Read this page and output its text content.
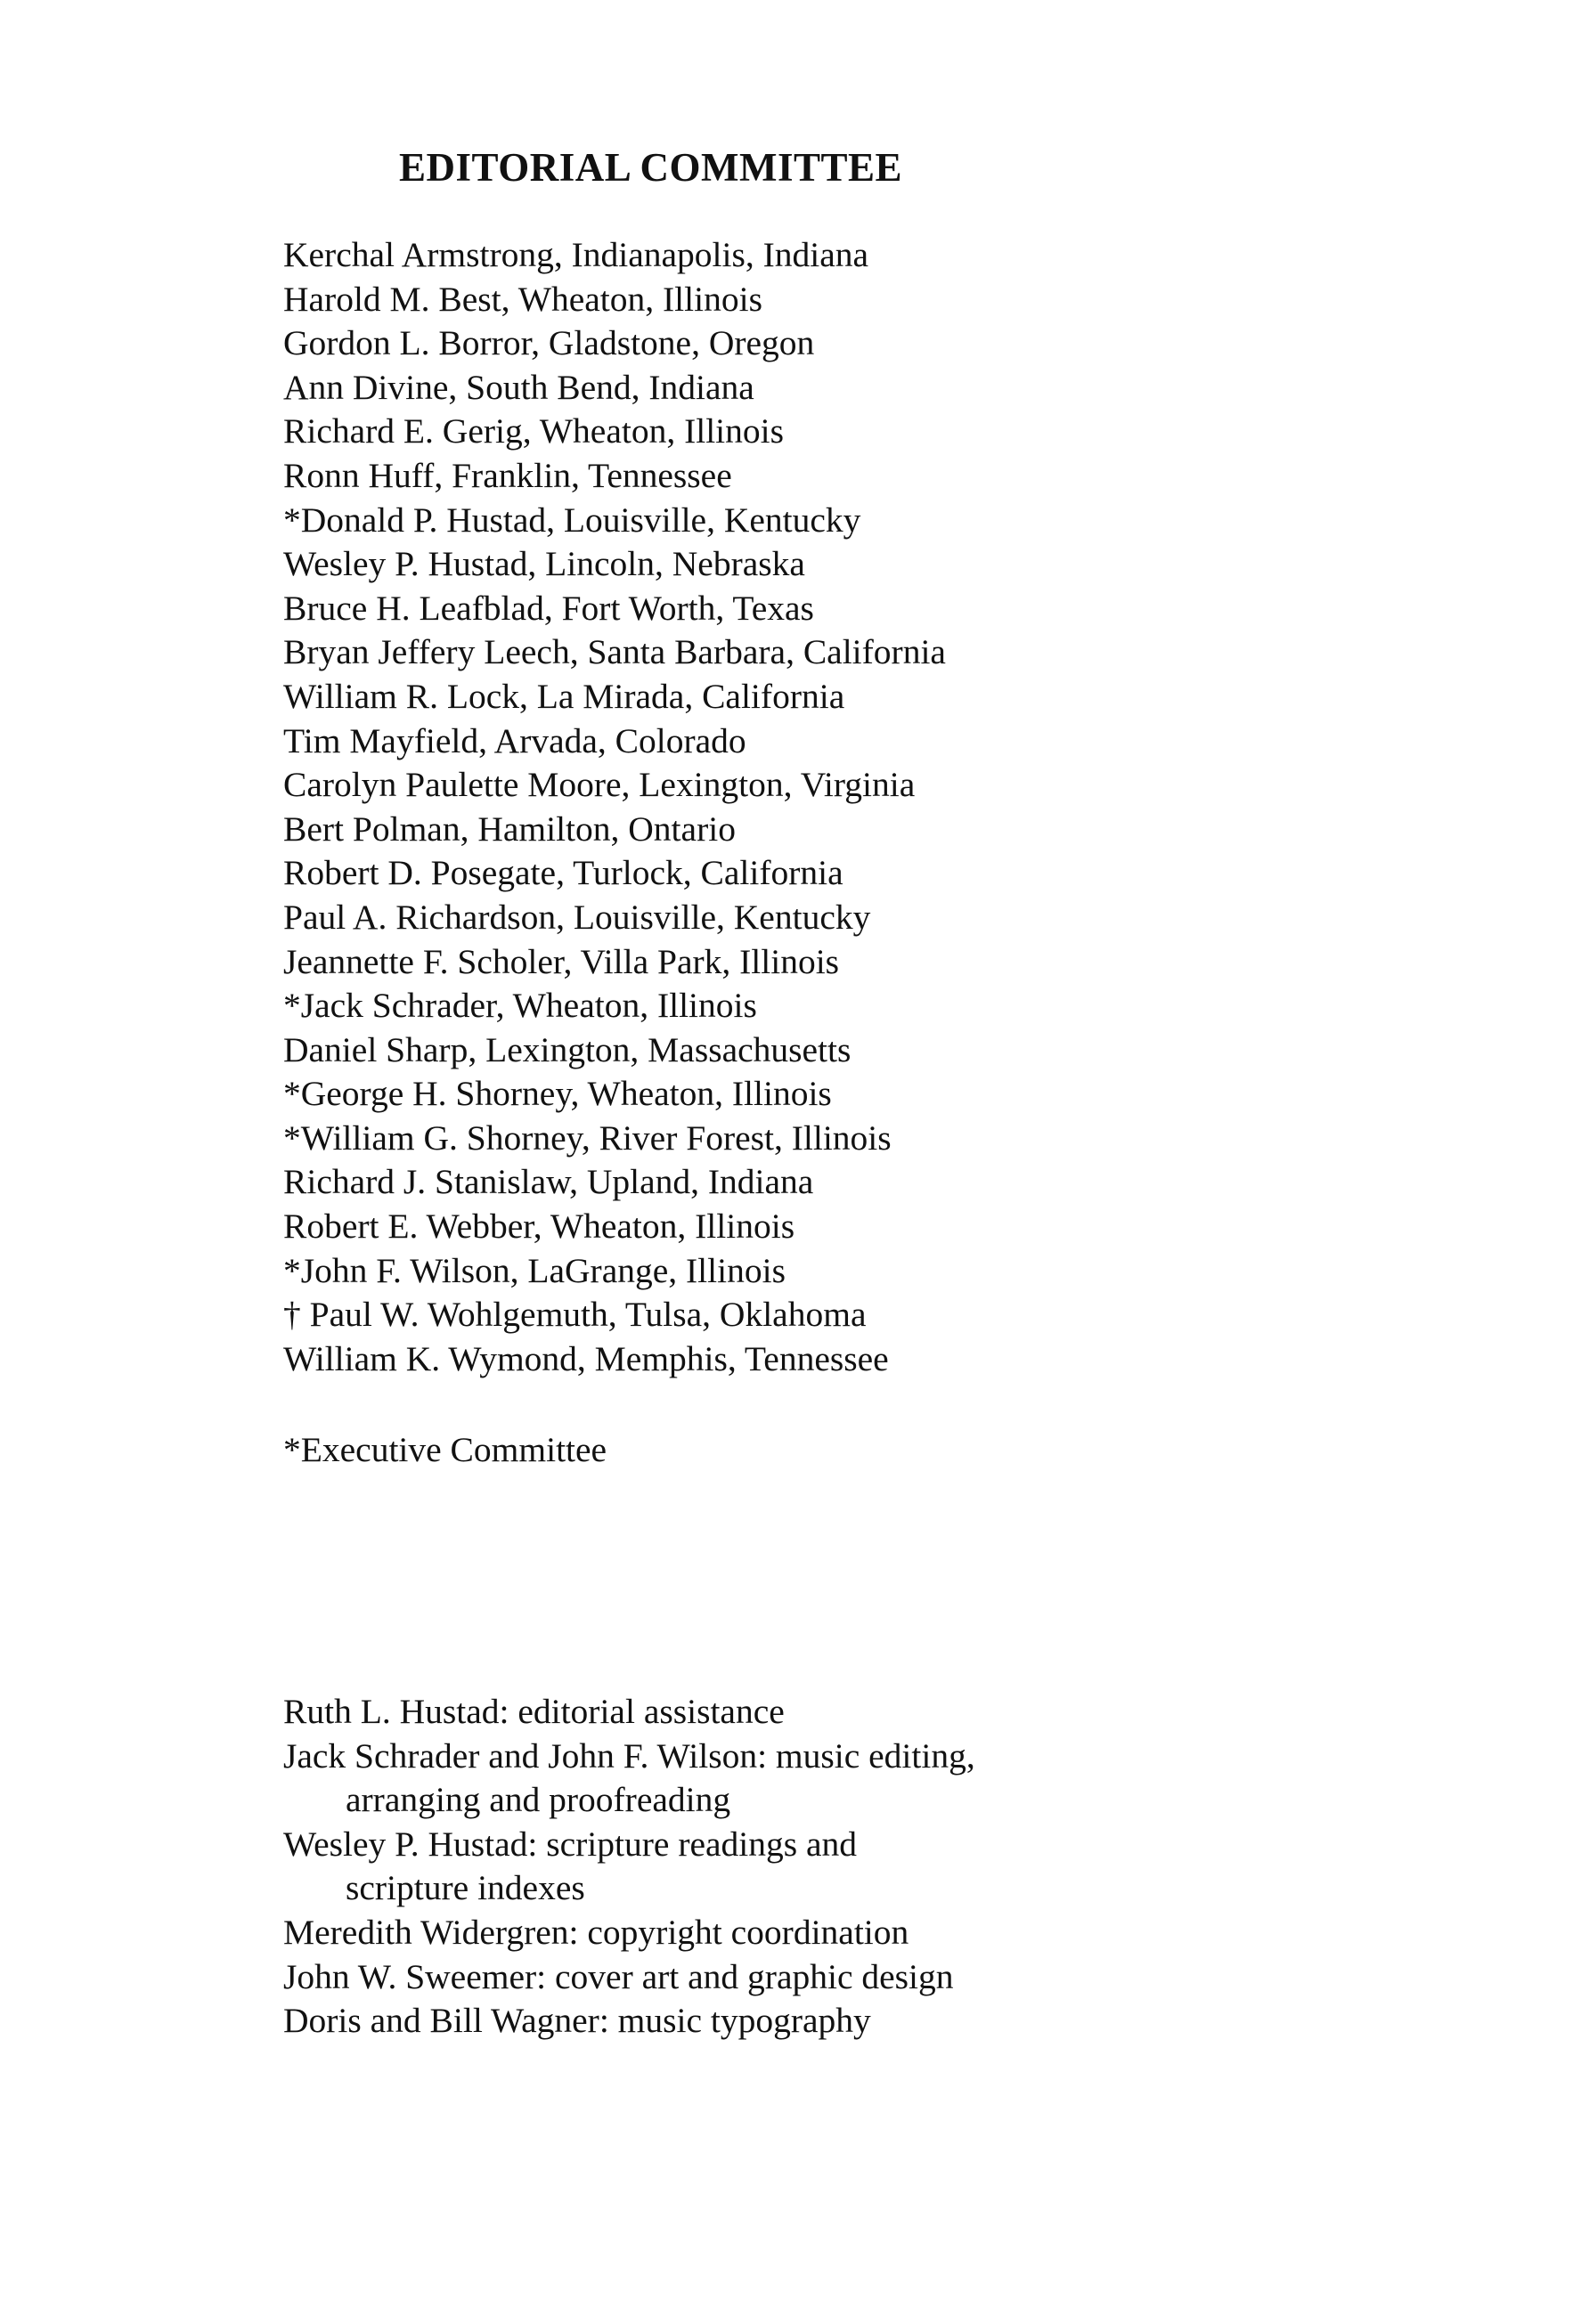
EDITORIAL COMMITTEE
Kerchal Armstrong, Indianapolis, Indiana
Harold M. Best, Wheaton, Illinois
Gordon L. Borror, Gladstone, Oregon
Ann Divine, South Bend, Indiana
Richard E. Gerig, Wheaton, Illinois
Ronn Huff, Franklin, Tennessee
*Donald P. Hustad, Louisville, Kentucky
Wesley P. Hustad, Lincoln, Nebraska
Bruce H. Leafblad, Fort Worth, Texas
Bryan Jeffery Leech, Santa Barbara, California
William R. Lock, La Mirada, California
Tim Mayfield, Arvada, Colorado
Carolyn Paulette Moore, Lexington, Virginia
Bert Polman, Hamilton, Ontario
Robert D. Posegate, Turlock, California
Paul A. Richardson, Louisville, Kentucky
Jeannette F. Scholer, Villa Park, Illinois
*Jack Schrader, Wheaton, Illinois
Daniel Sharp, Lexington, Massachusetts
*George H. Shorney, Wheaton, Illinois
*William G. Shorney, River Forest, Illinois
Richard J. Stanislaw, Upland, Indiana
Robert E. Webber, Wheaton, Illinois
*John F. Wilson, LaGrange, Illinois
† Paul W. Wohlgemuth, Tulsa, Oklahoma
William K. Wymond, Memphis, Tennessee
*Executive Committee
Ruth L. Hustad: editorial assistance
Jack Schrader and John F. Wilson: music editing,
arranging and proofreading
Wesley P. Hustad: scripture readings and
scripture indexes
Meredith Widergren: copyright coordination
John W. Sweemer: cover art and graphic design
Doris and Bill Wagner: music typography
